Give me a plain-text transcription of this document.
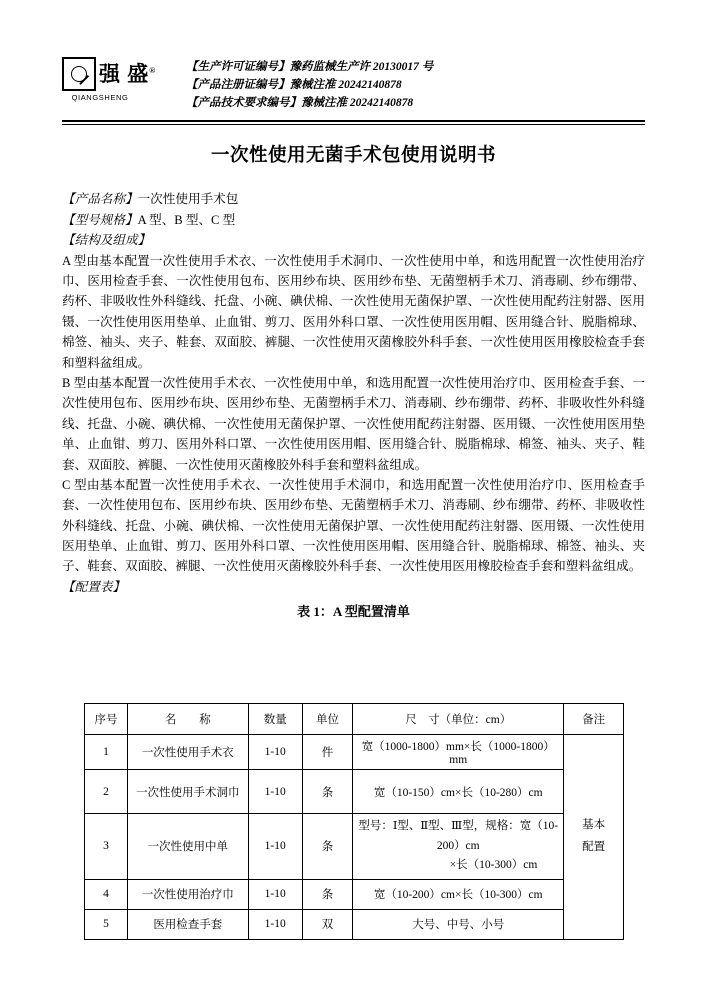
强 盛®
QIANGSHENG
【生产许可证编号】豫药监械生产许 20130017 号
【产品注册证编号】豫械注准 20242140878
【产品技术要求编号】豫械注准 20242140878
一次性使用无菌手术包使用说明书

【产品名称】一次性使用手术包

【型号规格】A 型、B 型、C 型

【结构及组成】

A 型由基本配置一次性使用手术衣、一次性使用手术洞巾、一次性使用中单，和选用配置一次性使用治疗巾、医用检查手套、一次性使用包布、医用纱布块、医用纱布垫、无菌塑柄手术刀、消毒刷、纱布绷带、药杯、非吸收性外科缝线、托盘、小碗、碘伏棉、一次性使用无菌保护罩、一次性使用配药注射器、医用镊、一次性使用医用垫单、止血钳、剪刀、医用外科口罩、一次性使用医用帽、医用缝合针、脱脂棉球、棉签、袖头、夹子、鞋套、双面胶、裤腿、一次性使用灭菌橡胶外科手套、一次性使用医用橡胶检查手套和塑料盆组成。

B 型由基本配置一次性使用手术衣、一次性使用中单，和选用配置一次性使用治疗巾、医用检查手套、一次性使用包布、医用纱布块、医用纱布垫、无菌塑柄手术刀、消毒刷、纱布绷带、药杯、非吸收性外科缝线、托盘、小碗、碘伏棉、一次性使用无菌保护罩、一次性使用配药注射器、医用镊、一次性使用医用垫单、止血钳、剪刀、医用外科口罩、一次性使用医用帽、医用缝合针、脱脂棉球、棉签、袖头、夹子、鞋套、双面胶、裤腿、一次性使用灭菌橡胶外科手套和塑料盆组成。

C 型由基本配置一次性使用手术衣、一次性使用手术洞巾，和选用配置一次性使用治疗巾、医用检查手套、一次性使用包布、医用纱布块、医用纱布垫、无菌塑柄手术刀、消毒刷、纱布绷带、药杯、非吸收性外科缝线、托盘、小碗、碘伏棉、一次性使用无菌保护罩、一次性使用配药注射器、医用镊、一次性使用医用垫单、止血钳、剪刀、医用外科口罩、一次性使用医用帽、医用缝合针、脱脂棉球、棉签、袖头、夹子、鞋套、双面胶、裤腿、一次性使用灭菌橡胶外科手套、一次性使用医用橡胶检查手套和塑料盆组成。

【配置表】

表 1：A 型配置清单
序号	名　　称	数量	单位	尺　寸（单位：cm）	备注
1	一次性使用手术衣	1-10	件	宽（1000-1800）mm×长（1000-1800）mm	基本
配置

2	一次性使用手术洞巾	1-10	条	宽（10-150）cm×长（10-280）cm	
3	一次性使用中单	1-10	条	型号：Ⅰ型、Ⅱ型、Ⅲ型，规格：宽（10-200）cm
×长（10-300）cm	

4	一次性使用治疗巾	1-10	条	宽（10-200）cm×长（10-300）cm	
5	医用检查手套	1-10	双	大号、中号、小号	
